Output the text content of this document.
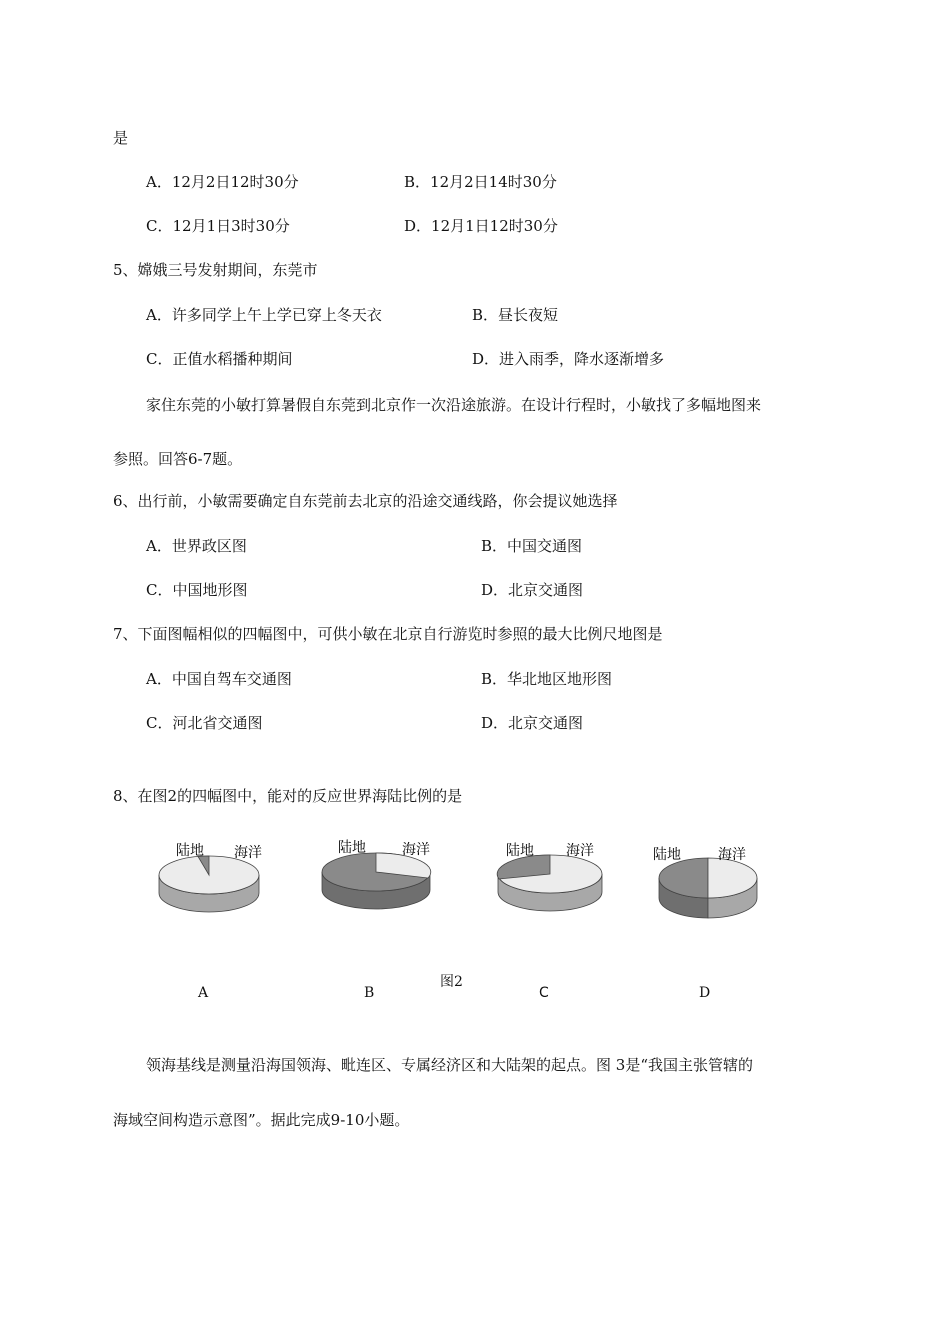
是
A．12月2日12时30分	B．12月2日14时30分
C．12月1日3时30分	D．12月1日12时30分
5、嫦娥三号发射期间，东莞市
A．许多同学上午上学已穿上冬天衣	B．昼长夜短
C．正值水稻播种期间	D．进入雨季，降水逐渐增多
家住东莞的小敏打算暑假自东莞到北京作一次沿途旅游。在设计行程时，小敏找了多幅地图来
参照。回答6-7题。
6、出行前，小敏需要确定自东莞前去北京的沿途交通线路，你会提议她选择
A．世界政区图	B．中国交通图
C．中国地形图	D．北京交通图
7、下面图幅相似的四幅图中，可供小敏在北京自行游览时参照的最大比例尺地图是
A．中国自驾车交通图	B．华北地区地形图
C．河北省交通图	D．北京交通图
8、在图2的四幅图中，能对的反应世界海陆比例的是
陆地 海洋	陆地	海洋	陆地 海洋	陆地	海洋
图2
A	B	C	D
领海基线是测量沿海国领海、毗连区、专属经济区和大陆架的起点。图 3是“我国主张管辖的
海域空间构造示意图”。据此完成9-10小题。
